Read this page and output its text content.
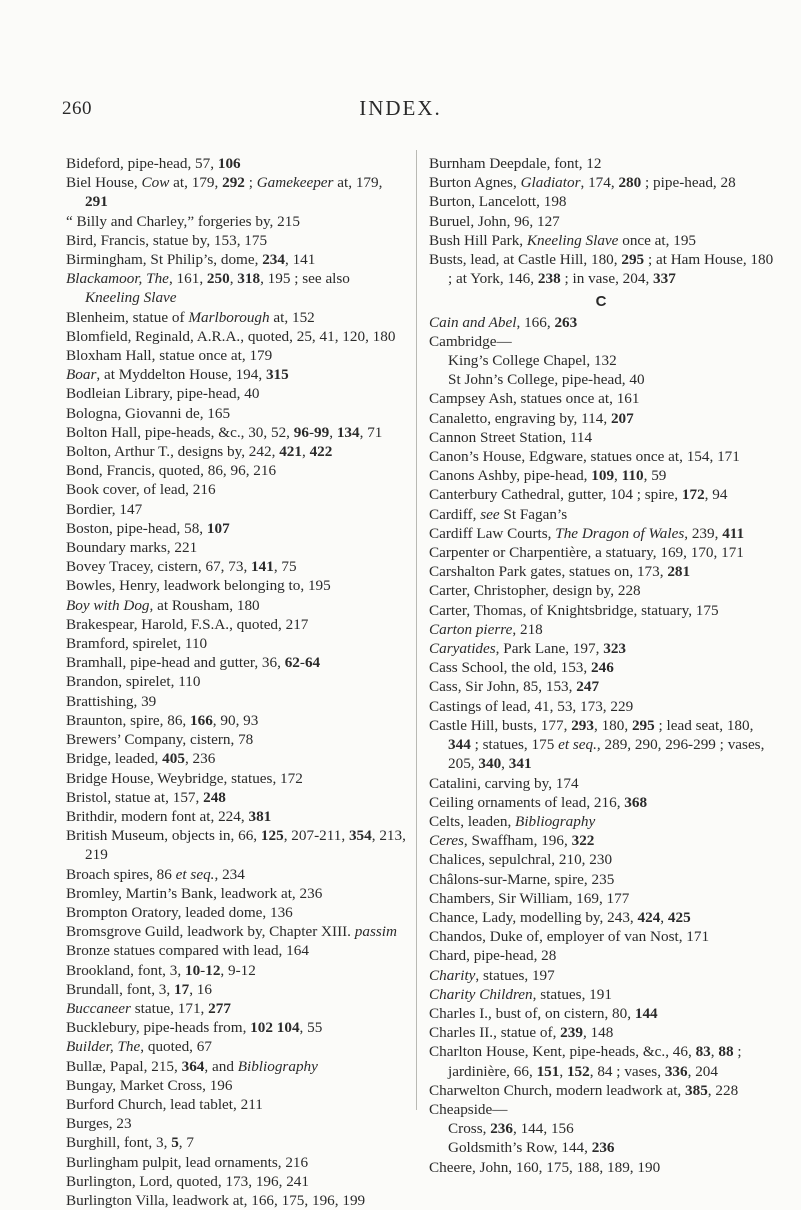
260	INDEX.
Bideford, pipe-head, 57, 106
Biel House, Cow at, 179, 292 ; Gamekeeper at, 179, 291
“ Billy and Charley,” forgeries by, 215
Bird, Francis, statue by, 153, 175
Birmingham, St Philip’s, dome, 234, 141
Blackamoor, The, 161, 250, 318, 195 ; see also Kneeling Slave
Blenheim, statue of Marlborough at, 152
Blomfield, Reginald, A.R.A., quoted, 25, 41, 120, 180
Bloxham Hall, statue once at, 179
Boar, at Myddelton House, 194, 315
Bodleian Library, pipe-head, 40
Bologna, Giovanni de, 165
Bolton Hall, pipe-heads, &c., 30, 52, 96-99, 134, 71
Bolton, Arthur T., designs by, 242, 421, 422
Bond, Francis, quoted, 86, 96, 216
Book cover, of lead, 216
Bordier, 147
Boston, pipe-head, 58, 107
Boundary marks, 221
Bovey Tracey, cistern, 67, 73, 141, 75
Bowles, Henry, leadwork belonging to, 195
Boy with Dog, at Rousham, 180
Brakespear, Harold, F.S.A., quoted, 217
Bramford, spirelet, 110
Bramhall, pipe-head and gutter, 36, 62-64
Brandon, spirelet, 110
Brattishing, 39
Braunton, spire, 86, 166, 90, 93
Brewers’ Company, cistern, 78
Bridge, leaded, 405, 236
Bridge House, Weybridge, statues, 172
Bristol, statue at, 157, 248
Brithdir, modern font at, 224, 381
British Museum, objects in, 66, 125, 207-211, 354, 213, 219
Broach spires, 86 et seq., 234
Bromley, Martin’s Bank, leadwork at, 236
Brompton Oratory, leaded dome, 136
Bromsgrove Guild, leadwork by, Chapter XIII. passim
Bronze statues compared with lead, 164
Brookland, font, 3, 10-12, 9-12
Brundall, font, 3, 17, 16
Buccaneer statue, 171, 277
Bucklebury, pipe-heads from, 102 104, 55
Builder, The, quoted, 67
Bullæ, Papal, 215, 364, and Bibliography
Bungay, Market Cross, 196
Burford Church, lead tablet, 211
Burges, 23
Burghill, font, 3, 5, 7
Burlingham pulpit, lead ornaments, 216
Burlington, Lord, quoted, 173, 196, 241
Burlington Villa, leadwork at, 166, 175, 196, 199
Burnham Deepdale, font, 12
Burton Agnes, Gladiator, 174, 280 ; pipe-head, 28
Burton, Lancelott, 198
Buruel, John, 96, 127
Bush Hill Park, Kneeling Slave once at, 195
Busts, lead, at Castle Hill, 180, 295 ; at Ham House, 180 ; at York, 146, 238 ; in vase, 204, 337
C
Cain and Abel, 166, 263
Cambridge—
King’s College Chapel, 132
St John’s College, pipe-head, 40
Campsey Ash, statues once at, 161
Canaletto, engraving by, 114, 207
Cannon Street Station, 114
Canon’s House, Edgware, statues once at, 154, 171
Canons Ashby, pipe-head, 109, 110, 59
Canterbury Cathedral, gutter, 104 ; spire, 172, 94
Cardiff, see St Fagan’s
Cardiff Law Courts, The Dragon of Wales, 239, 411
Carpenter or Charpentière, a statuary, 169, 170, 171
Carshalton Park gates, statues on, 173, 281
Carter, Christopher, design by, 228
Carter, Thomas, of Knightsbridge, statuary, 175
Carton pierre, 218
Caryatides, Park Lane, 197, 323
Cass School, the old, 153, 246
Cass, Sir John, 85, 153, 247
Castings of lead, 41, 53, 173, 229
Castle Hill, busts, 177, 293, 180, 295 ; lead seat, 180, 344 ; statues, 175 et seq., 289, 290, 296-299 ; vases, 205, 340, 341
Catalini, carving by, 174
Ceiling ornaments of lead, 216, 368
Celts, leaden, Bibliography
Ceres, Swaffham, 196, 322
Chalices, sepulchral, 210, 230
Châlons-sur-Marne, spire, 235
Chambers, Sir William, 169, 177
Chance, Lady, modelling by, 243, 424, 425
Chandos, Duke of, employer of van Nost, 171
Chard, pipe-head, 28
Charity, statues, 197
Charity Children, statues, 191
Charles I., bust of, on cistern, 80, 144
Charles II., statue of, 239, 148
Charlton House, Kent, pipe-heads, &c., 46, 83, 88 ; jardinière, 66, 151, 152, 84 ; vases, 336, 204
Charwelton Church, modern leadwork at, 385, 228
Cheapside—
Cross, 236, 144, 156
Goldsmith’s Row, 144, 236
Cheere, John, 160, 175, 188, 189, 190
